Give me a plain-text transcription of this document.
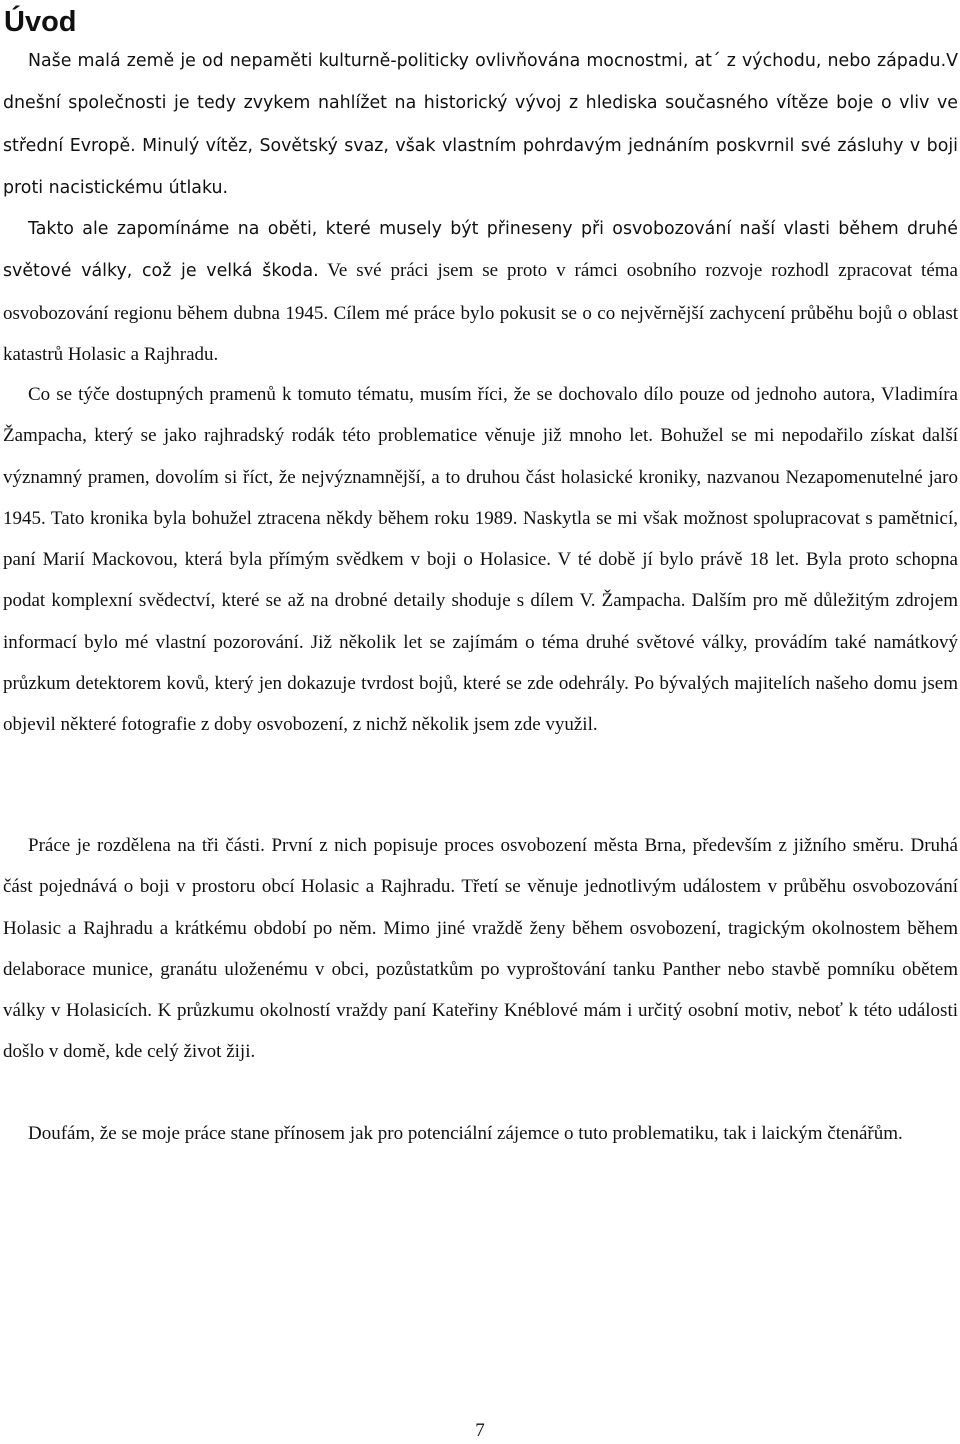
Úvod

Naše malá země je od nepaměti kulturně-politicky ovlivňována mocnostmi, at´ z východu, nebo západu.V dnešní společnosti je tedy zvykem nahlížet na historický vývoj z hlediska současného vítěze boje o vliv ve střední Evropě. Minulý vítěz, Sovětský svaz, však vlastním pohrdavým jednáním poskvrnil své zásluhy v boji proti nacistickému útlaku.

Takto ale zapomínáme na oběti, které musely být přineseny při osvobozování naší vlasti během druhé světové války, což je velká škoda. Ve své práci jsem se proto v rámci osobního rozvoje rozhodl zpracovat téma osvobozování regionu během dubna 1945. Cílem mé práce bylo pokusit se o co nejvěrnější zachycení průběhu bojů o oblast katastrů Holasic a Rajhradu.

Co se týče dostupných pramenů k tomuto tématu, musím říci, že se dochovalo dílo pouze od jednoho autora, Vladimíra Žampacha, který se jako rajhradský rodák této problematice věnuje již mnoho let. Bohužel se mi nepodařilo získat další významný pramen, dovolím si říct, že nejvýznamnější, a to druhou část holasické kroniky, nazvanou Nezapomenutelné jaro 1945. Tato kronika byla bohužel ztracena někdy během roku 1989. Naskytla se mi však možnost spolupracovat s pamětnicí, paní Marií Mackovou, která byla přímým svědkem v boji o Holasice. V té době jí bylo právě 18 let. Byla proto schopna podat komplexní svědectví, které se až na drobné detaily shoduje s dílem V. Žampacha. Dalším pro mě důležitým zdrojem informací bylo mé vlastní pozorování. Již několik let se zajímám o téma druhé světové války, provádím také namátkový průzkum detektorem kovů, který jen dokazuje tvrdost bojů, které se zde odehrály. Po bývalých majitelích našeho domu jsem objevil některé fotografie z doby osvobození, z nichž několik jsem zde využil.

Práce je rozdělena na tři části. První z nich popisuje proces osvobození města Brna, především z jižního směru. Druhá část pojednává o boji v prostoru obcí Holasic a Rajhradu. Třetí se věnuje jednotlivým událostem v průběhu osvobozování Holasic a Rajhradu a krátkému období po něm. Mimo jiné vraždě ženy během osvobození, tragickým okolnostem během delaborace munice, granátu uloženému v obci, pozůstatkům po vyproštování tanku Panther nebo stavbě pomníku obětem války v Holasicích. K průzkumu okolností vraždy paní Kateřiny Knéblové mám i určitý osobní motiv, neboť k této události došlo v domě, kde celý život žiji.

Doufám, že se moje práce stane přínosem jak pro potenciální zájemce o tuto problematiku, tak i laickým čtenářům.

7
